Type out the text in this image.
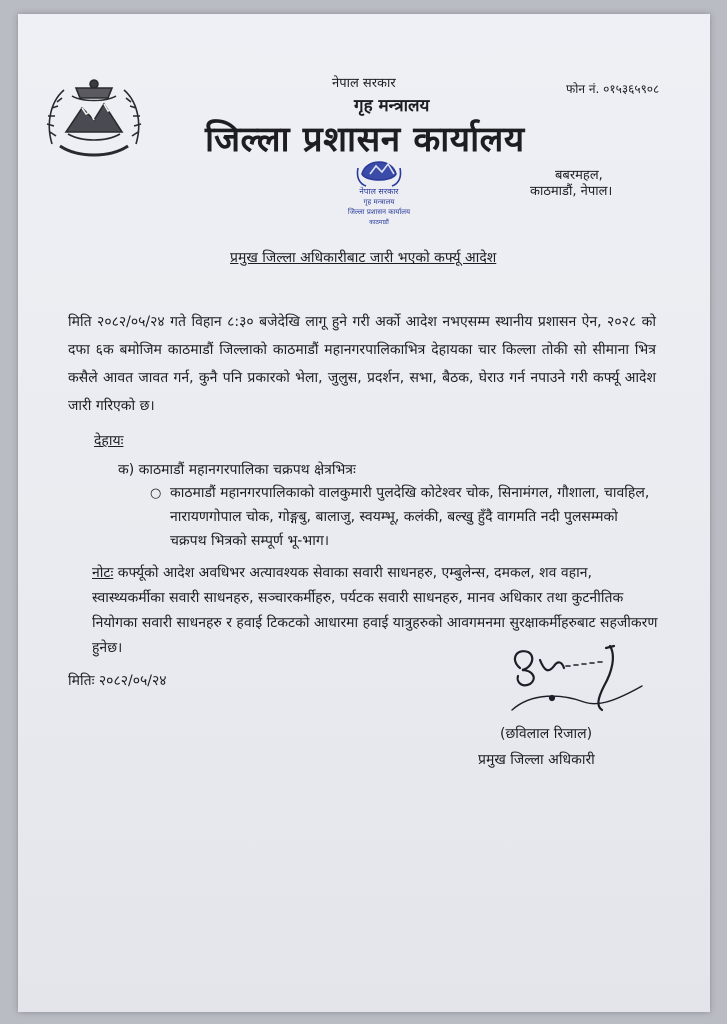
नेपाल सरकार
गृह मन्त्रालय
जिल्ला प्रशासन कार्यालय
फोन नं. ०१५३६५९०८
बबरमहल,
काठमाडौं, नेपाल।
नेपाल सरकार
गृह मन्त्रालय
जिल्ला प्रशासन कार्यालय
काठमाडौं
प्रमुख जिल्ला अधिकारीबाट जारी भएको कर्फ्यू आदेश
मिति २०८२/०५/२४ गते विहान ८:३० बजेदेखि लागू हुने गरी अर्को आदेश नभएसम्म स्थानीय प्रशासन ऐन, २०२८ को दफा ६क बमोजिम काठमाडौं जिल्लाको काठमाडौं महानगरपालिकाभित्र देहायका चार किल्ला तोकी सो सीमाना भित्र कसैले आवत जावत गर्न, कुनै पनि प्रकारको भेला, जुलुस, प्रदर्शन, सभा, बैठक, घेराउ गर्न नपाउने गरी कर्फ्यू आदेश जारी गरिएको छ।
देहायः
क) काठमाडौं महानगरपालिका चक्रपथ क्षेत्रभित्रः
○ काठमाडौं महानगरपालिकाको वालकुमारी पुलदेखि कोटेश्वर चोक, सिनामंगल, गौशाला, चावहिल, नारायणगोपाल चोक, गोङ्गबु, बालाजु, स्वयम्भू, कलंकी, बल्खु हुँदै वागमति नदी पुलसम्मको चक्रपथ भित्रको सम्पूर्ण भू-भाग।
नोटः कर्फ्यूको आदेश अवधिभर अत्यावश्यक सेवाका सवारी साधनहरु, एम्बुलेन्स, दमकल, शव वहान, स्वास्थ्यकर्मीका सवारी साधनहरु, सञ्चारकर्मीहरु, पर्यटक सवारी साधनहरु, मानव अधिकार तथा कुटनीतिक नियोगका सवारी साधनहरु र हवाई टिकटको आधारमा हवाई यात्रुहरुको आवगमनमा सुरक्षाकर्मीहरुबाट सहजीकरण हुनेछ।
मितिः २०८२/०५/२४
(छविलाल रिजाल)
प्रमुख जिल्ला अधिकारी
